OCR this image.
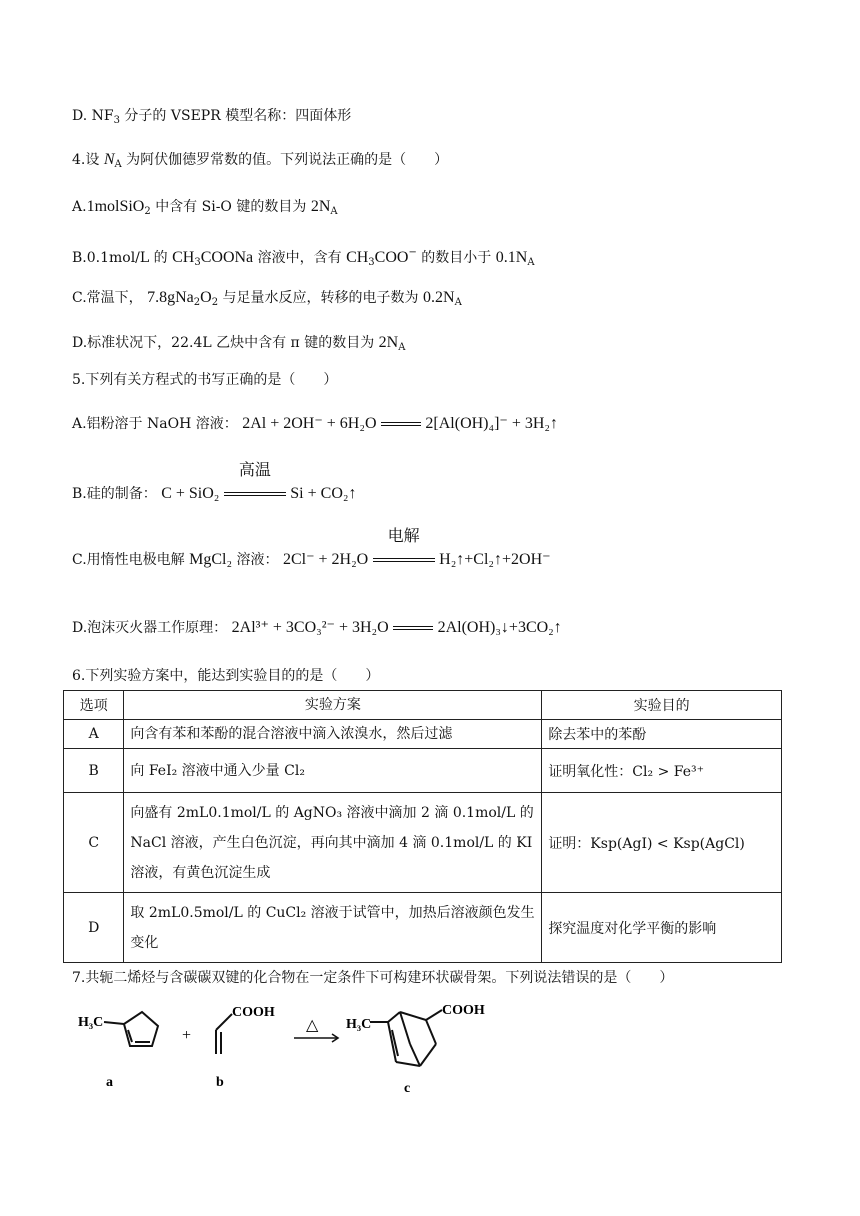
D. $NF_3$ 分子的 VSEPR 模型名称：四面体形
4.设 $N_A$ 为阿伏伽德罗常数的值。下列说法正确的是（　　）
A.1molSiO$_2$ 中含有 Si-O 键的数目为 $2N_A$
B.0.1mol/L 的 $CH_3COONa$ 溶液中，含有 $CH_3COO^-$ 的数目小于 $0.1N_A$
C.常温下， $7.8gNa_2O_2$ 与足量水反应，转移的电子数为 $0.2N_A$
D.标准状况下，22.4L 乙炔中含有 π 键的数目为 $2N_A$
5.下列有关方程式的书写正确的是（　　）
A.铝粉溶于 NaOH 溶液： 2Al + 2OH⁻ + 6H₂O	2[Al(OH)₄]⁻ + 3H₂↑
B.硅的制备： C + SiO₂
高温
Si + CO₂↑
C.用惰性电极电解 MgCl₂ 溶液： 2Cl⁻ + 2H₂O
电解
H₂↑+Cl₂↑+2OH⁻
D.泡沫灭火器工作原理： 2Al³⁺ + 3CO₃²⁻ + 3H₂O	2Al(OH)₃↓+3CO₂↑
6.下列实验方案中，能达到实验目的的是（　　）
选项	实验方案	实验目的
A	向含有苯和苯酚的混合溶液中滴入浓溴水，然后过滤	除去苯中的苯酚
B	向 FeI₂ 溶液中通入少量 Cl₂	证明氧化性：Cl₂ > Fe³⁺
C	向盛有 2mL0.1mol/L 的 AgNO₃ 溶液中滴加 2 滴 0.1mol/L 的 NaCl 溶液，产生白色沉淀，再向其中滴加 4 滴 0.1mol/L 的 KI 溶液，有黄色沉淀生成	证明：Ksp(AgI) < Ksp(AgCl)
D	取 2mL0.5mol/L 的 CuCl₂ 溶液于试管中，加热后溶液颜色发生变化	探究温度对化学平衡的影响
7.共轭二烯烃与含碳碳双键的化合物在一定条件下可构建环状碳骨架。下列说法错误的是（　　）
H₃C
a
+
COOH
b
△ H₃C
COOH
c
